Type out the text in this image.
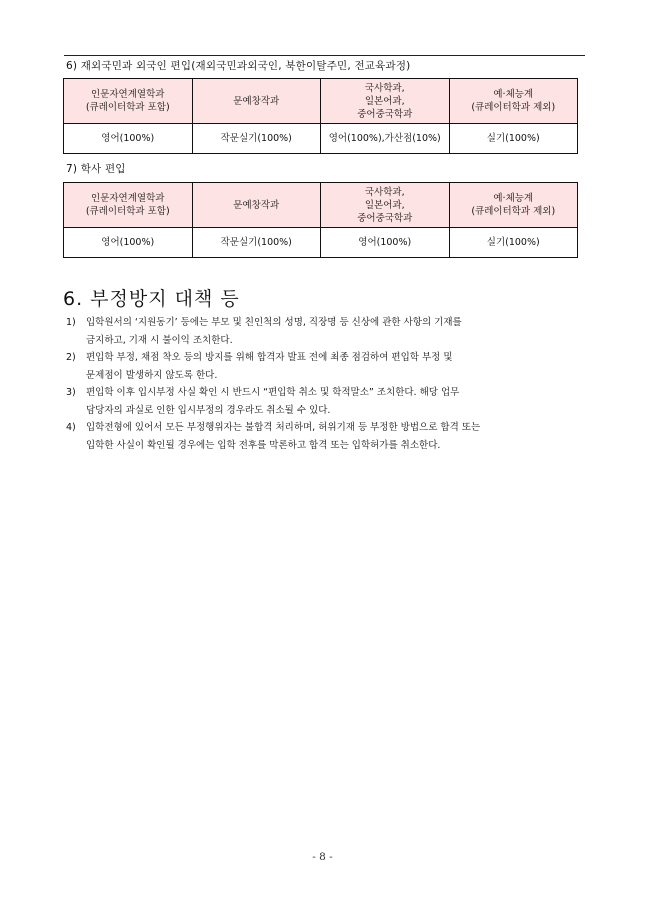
6) 재외국민과 외국인 편입(재외국민과외국인, 북한이탈주민, 전교육과정)
인문자연계열학과
(큐레이터학과 포함)	문예창작과	국사학과,
일본어과,
중어중국학과	예·체능계
(큐레이터학과 제외)

영어(100%)	작문실기(100%)	영어(100%),가산점(10%)	실기(100%)
7) 학사 편입
인문자연계열학과
(큐레이터학과 포함)	문예창작과	국사학과,
일본어과,
중어중국학과	예·체능계
(큐레이터학과 제외)

영어(100%)	작문실기(100%)	영어(100%)	실기(100%)
6. 부정방지 대책 등
1) 입학원서의 ‘지원동기’ 등에는 부모 및 친인척의 성명, 직장명 등 신상에 관한 사항의 기재를
금지하고, 기재 시 불이익 조치한다.
2) 편입학 부정, 채점 착오 등의 방지를 위해 합격자 발표 전에 최종 점검하여 편입학 부정 및
문제점이 발생하지 않도록 한다.
3) 편입학 이후 입시부정 사실 확인 시 반드시 “편입학 취소 및 학적말소” 조치한다. 해당 업무
담당자의 과실로 인한 입시부정의 경우라도 취소될 수 있다.
4) 입학전형에 있어서 모든 부정행위자는 불합격 처리하며, 허위기재 등 부정한 방법으로 합격 또는
입학한 사실이 확인될 경우에는 입학 전후를 막론하고 합격 또는 입학허가를 취소한다.
- 8 -
